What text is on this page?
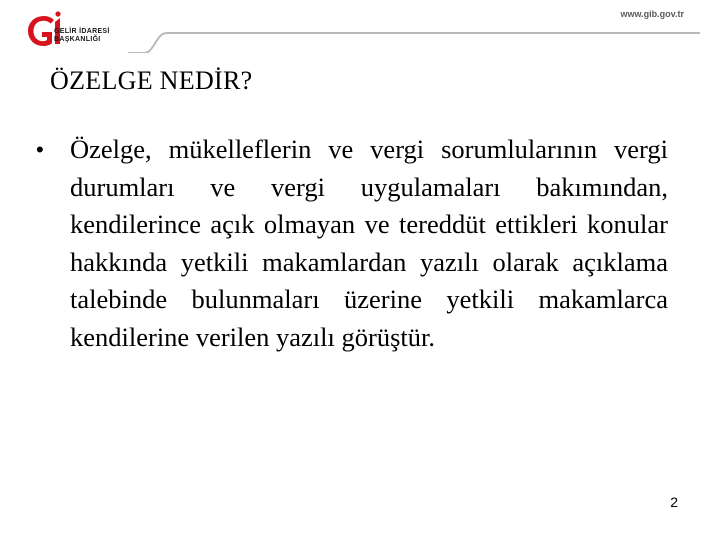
GELİR İDARESİ
BAŞKANLIĞI
www.gib.gov.tr
ÖZELGE NEDİR?
• Özelge, mükelleflerin ve vergi sorumlularının vergi durumları ve vergi uygulamaları bakımından, kendilerince açık olmayan ve tereddüt ettikleri konular hakkında yetkili makamlardan yazılı olarak açıklama talebinde bulunmaları üzerine yetkili makamlarca kendilerine verilen yazılı görüştür.

2
